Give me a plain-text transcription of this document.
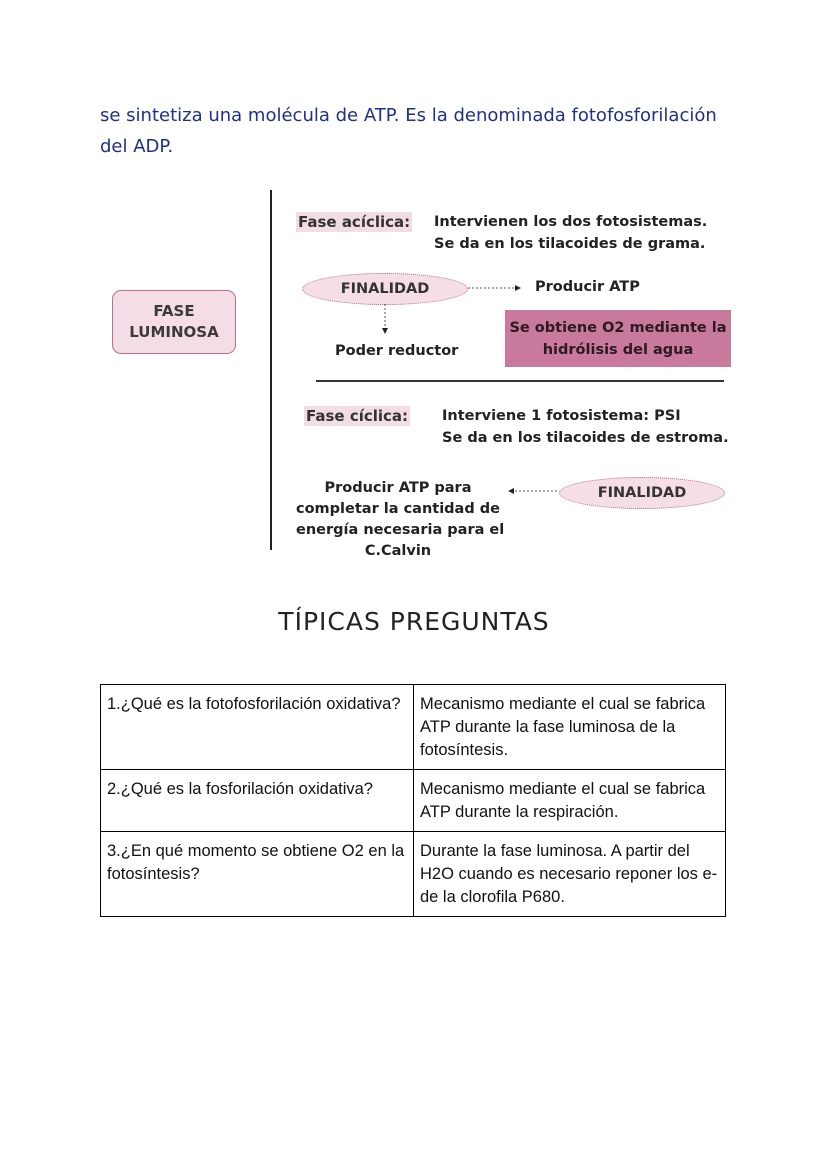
se sintetiza una molécula de ATP. Es la denominada fotofosforilación
del ADP.
FASE
LUMINOSA
Fase acíclica: Intervienen los dos fotosistemas.
Se da en los tilacoides de grama.
FINALIDAD	Producir ATP
Poder reductor
Se obtiene O2 mediante la
hidrólisis del agua
Fase cíclica: Interviene 1 fotosistema: PSI
Se da en los tilacoides de estroma.
FINALIDAD
Producir ATP para
completar la cantidad de
energía necesaria para el
C.Calvin
TÍPICAS PREGUNTAS
1.¿Qué es la fotofosforilación oxidativa?	Mecanismo mediante el cual se fabrica ATP durante la fase luminosa de la fotosíntesis.
2.¿Qué es la fosforilación oxidativa?	Mecanismo mediante el cual se fabrica ATP durante la respiración.
3.¿En qué momento se obtiene O2 en la fotosíntesis?	Durante la fase luminosa. A partir del H2O cuando es necesario reponer los e- de la clorofila P680.
